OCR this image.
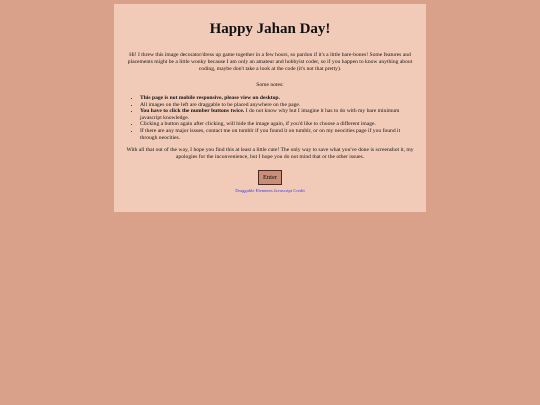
Happy Jahan Day!

Hi! I threw this image decorator/dress up game together in a few hours, so pardon if it's a little bare-bones! Some features and placements might be a little wonky because I am only an amateur and hobbyist coder, so if you happen to know anything about coding, maybe don't take a look at the code (it's not that pretty).

Some notes:

• This page is not mobile responsive, please view on desktop.
• All images on the left are draggable to be placed anywhere on the page.
• You have to click the number buttons twice. I do not know why but I imagine it has to do with my bare minimum javascript knowledge.
• Clicking a button again after clicking, will hide the image again, if you'd like to choose a different image.
• If there are any major issues, contact me on tumblr if you found it on tumblr, or on my neocities page if you found it through neocities.

With all that out of the way, I hope you find this at least a little cute! The only way to save what you've done is screenshot it, my apologies for the inconvenience, but I hope you do not mind that or the other issues.

Enter
Draggable Elements Javascript Credit
